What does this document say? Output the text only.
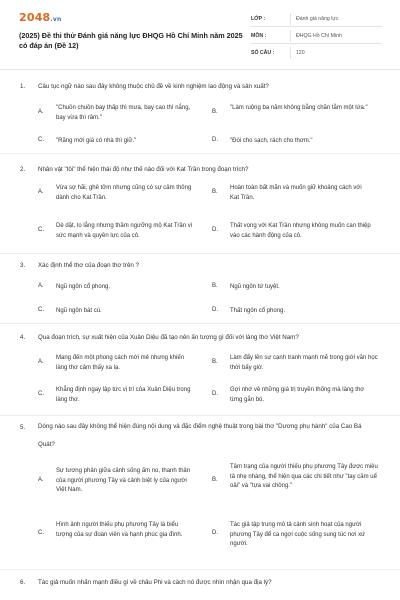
2048.vn
(2025) Đề thi thử Đánh giá năng lực ĐHQG Hồ Chí Minh năm 2025 có đáp án (Đề 12)
LỚP :	Đánh giá năng lực
MÔN :	ĐHQG Hồ Chí Minh
SỐ CÂU :	120
1. Câu tục ngữ nào sau đây không thuộc chủ đề về kinh nghiệm lao động và sản xuất?
A.
"Chuồn chuồn bay thấp thì mưa, bay cao thì nắng, bay vừa thì râm."
B.
"Làm ruộng ba năm không bằng chăn tằm một lứa."
C. "Răng mới già có nhà thì giữ."	D. "Đói cho sạch, rách cho thơm."
2. Nhân vật "tôi" thể hiện thái độ như thế nào đối với Kat Trần trong đoạn trích?
A.
Vừa sợ hãi, ghê tởm nhưng cũng có sự cảm thông dành cho Kat Trần.
B.
Hoàn toàn bất mãn và muốn giữ khoảng cách với Kat Trần.
C.
Dè dặt, lo lắng nhưng thầm ngưỡng mộ Kat Trần vì sức mạnh và quyền lực của cô.
D.
Thất vọng với Kat Trần nhưng không muốn can thiệp vào các hành động của cô.
3. Xác định thể thơ của đoạn thơ trên ?
A. Ngũ ngôn cổ phong.	B. Ngũ ngôn tứ tuyệt.
C. Ngũ ngôn bát cú.	D. Thất ngôn cổ phong.
4. Qua đoạn trích, sự xuất hiện của Xuân Diệu đã tạo nên ấn tượng gì đối với làng thơ Việt Nam?
A.
Mang đến một phong cách mới mẻ nhưng khiến làng thơ cảm thấy xa lạ.
B.
Làm đẩy lên sự cạnh tranh mạnh mẽ trong giới văn học thời bấy giờ.
C.
Khẳng định ngay lập tức vị trí của Xuân Diệu trong làng thơ.
D.
Gợi nhớ về những giá trị truyền thống mà làng thơ từng gắn bó.
5. Dòng nào sau đây không thể hiện đúng nội dung và đặc điểm nghệ thuật trong bài thơ "Dương phụ hành" của Cao Bá Quát?
A.
Sự tương phản giữa cảnh sống ấm no, thanh thản của người phương Tây và cảnh biệt ly của người Việt Nam.
B.
Tâm trạng của người thiếu phụ phương Tây được miêu tả nhẹ nhàng, thể hiện qua các chi tiết như "tay cầm uể oải" và "tựa vai chồng."
C.
Hình ảnh người thiếu phụ phương Tây là biểu tượng của sự đoàn viên và hạnh phúc gia đình.	D.
Tác giả tập trung mô tả cảnh sinh hoạt của người phương Tây để ca ngợi cuộc sống sung túc nơi xứ người.
6. Tác giả muốn nhấn mạnh điều gì về châu Phi và cách nó được nhìn nhận qua địa lý?
